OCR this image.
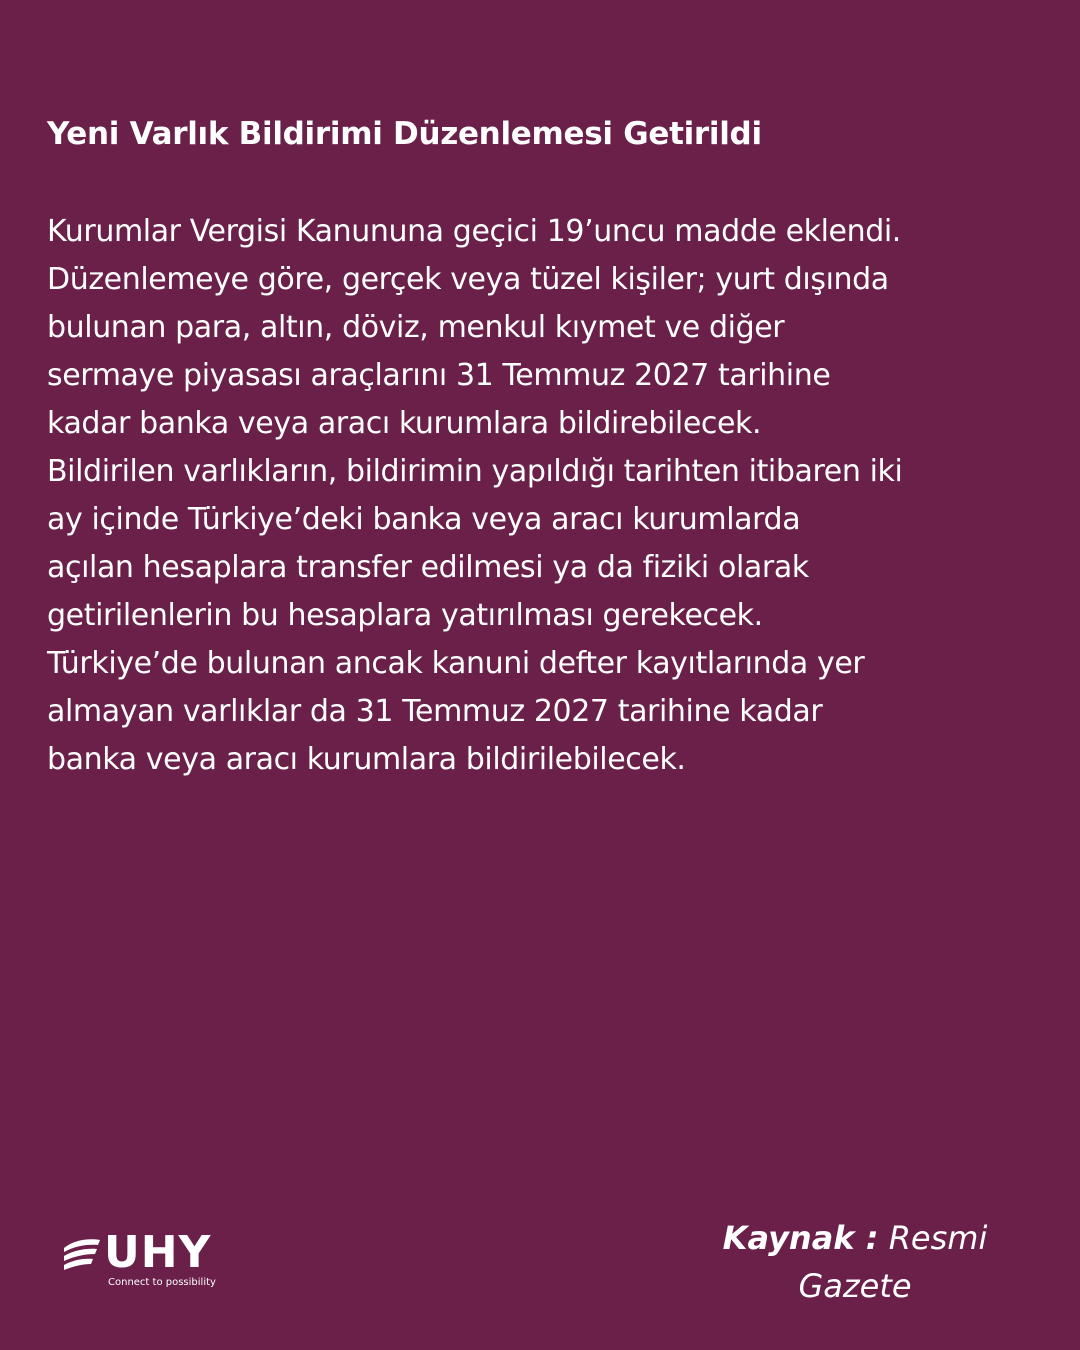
Yeni Varlık Bildirimi Düzenlemesi Getirildi
Kurumlar Vergisi Kanununa geçici 19’uncu madde eklendi.
Düzenlemeye göre, gerçek veya tüzel kişiler; yurt dışında
bulunan para, altın, döviz, menkul kıymet ve diğer
sermaye piyasası araçlarını 31 Temmuz 2027 tarihine
kadar banka veya aracı kurumlara bildirebilecek.
Bildirilen varlıkların, bildirimin yapıldığı tarihten itibaren iki
ay içinde Türkiye’deki banka veya aracı kurumlarda
açılan hesaplara transfer edilmesi ya da fiziki olarak
getirilenlerin bu hesaplara yatırılması gerekecek.
Türkiye’de bulunan ancak kanuni defter kayıtlarında yer
almayan varlıklar da 31 Temmuz 2027 tarihine kadar
banka veya aracı kurumlara bildirilebilecek.
UHY
Connect to possibility
Kaynak : Resmi
Gazete
